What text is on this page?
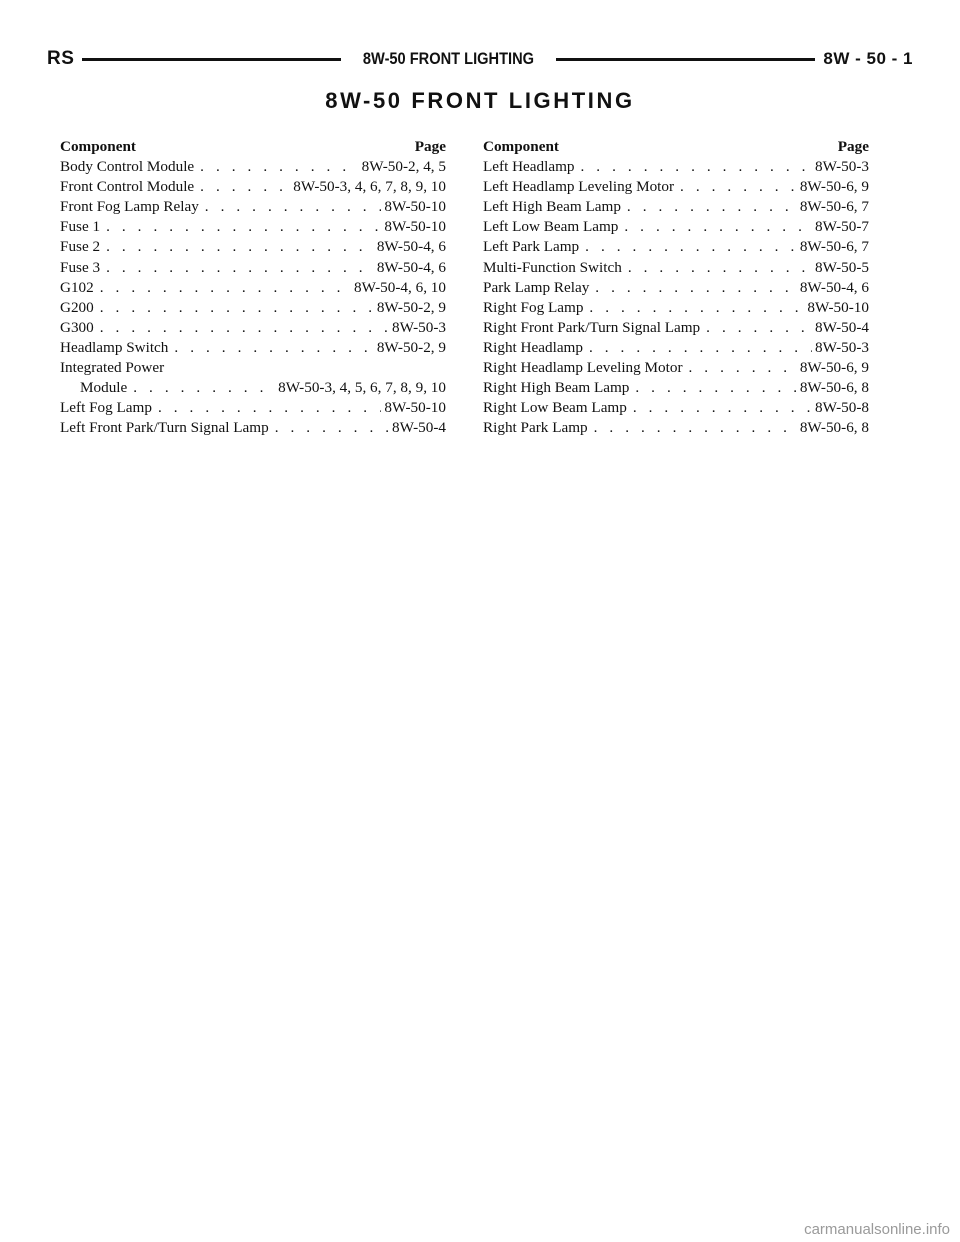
RS	8W-50 FRONT LIGHTING	8W - 50 - 1
8W-50 FRONT LIGHTING
Component	Page
Body Control Module . . .	8W-50-2, 4, 5
Front Control Module . . .	8W-50-3, 4, 6, 7, 8, 9, 10
Front Fog Lamp Relay . . .	8W-50-10
Fuse 1 . . .	8W-50-10
Fuse 2 . . .	8W-50-4, 6
Fuse 3 . . .	8W-50-4, 6
G102 . . .	8W-50-4, 6, 10
G200 . . .	8W-50-2, 9
G300 . . .	8W-50-3
Headlamp Switch . . .	8W-50-2, 9
Integrated Power
Module . . .	8W-50-3, 4, 5, 6, 7, 8, 9, 10
Left Fog Lamp . . .	8W-50-10
Left Front Park/Turn Signal Lamp . . .	8W-50-4
Component	Page
Left Headlamp . . .	8W-50-3
Left Headlamp Leveling Motor . . .	8W-50-6, 9
Left High Beam Lamp . . .	8W-50-6, 7
Left Low Beam Lamp . . .	8W-50-7
Left Park Lamp . . .	8W-50-6, 7
Multi-Function Switch . . .	8W-50-5
Park Lamp Relay . . .	8W-50-4, 6
Right Fog Lamp . . .	8W-50-10
Right Front Park/Turn Signal Lamp . . .	8W-50-4
Right Headlamp . . .	8W-50-3
Right Headlamp Leveling Motor . . .	8W-50-6, 9
Right High Beam Lamp . . .	8W-50-6, 8
Right Low Beam Lamp . . .	8W-50-8
Right Park Lamp . . .	8W-50-6, 8
carmanualsonline.info
